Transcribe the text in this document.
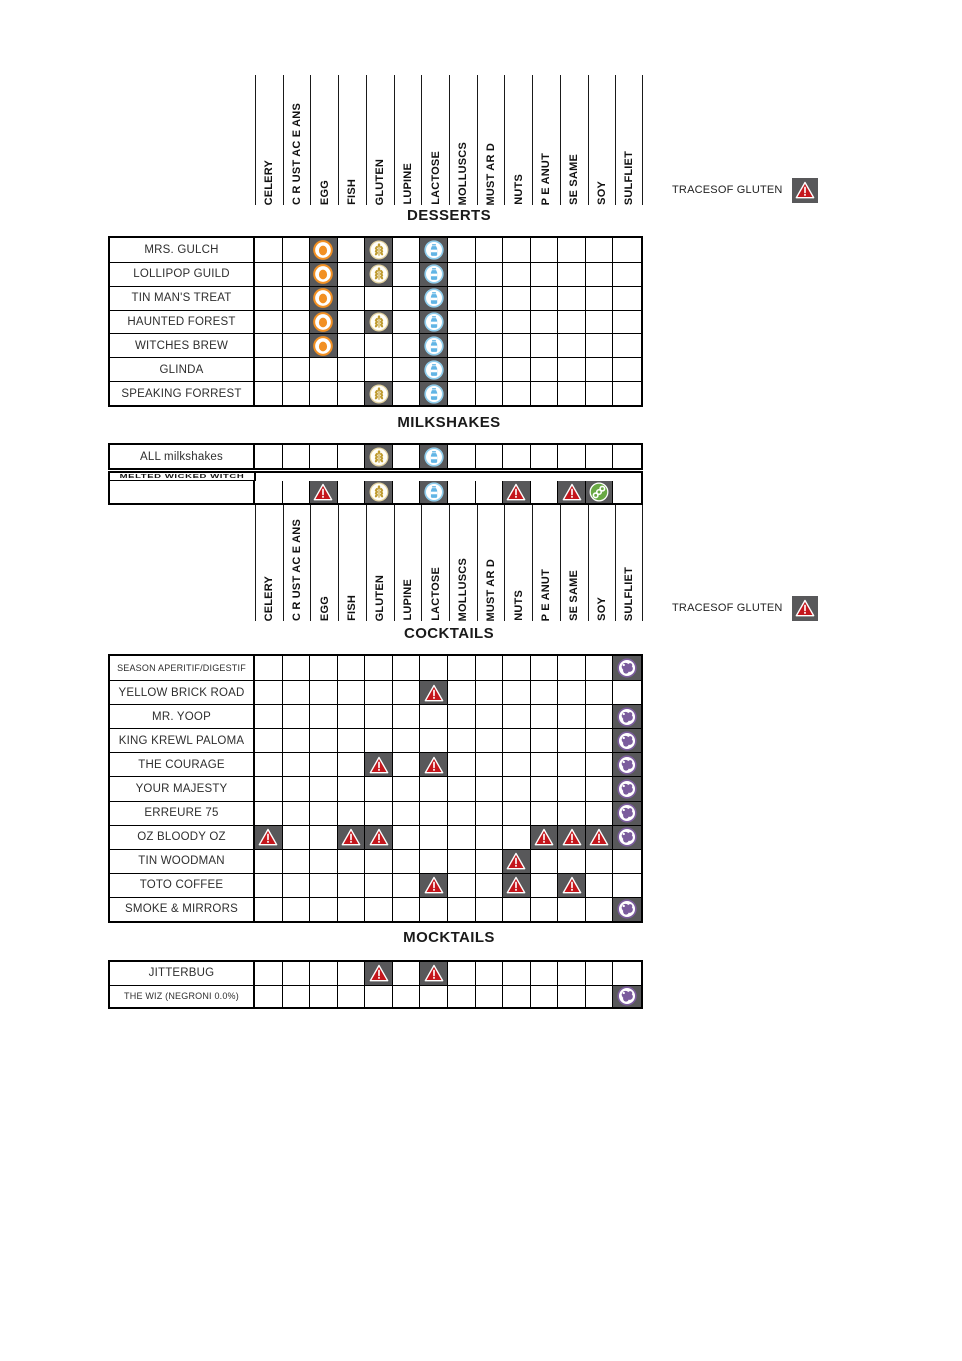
CELERY C R UST AC E ANS EGG FISH GLUTEN LUPINE LACTOSE MOLLUSCS MUST AR D NUTS P E ANUT SE SAME SOY SULFLIET	TRACESOF GLUTEN
DESSERTS
MRS. GULCH
LOLLIPOP GUILD
TIN MAN'S TREAT
HAUNTED FOREST
WITCHES BREW
GLINDA
SPEAKING FORREST
MILKSHAKES
ALL milkshakes
MELTED WICKED WITCH
CELERY C R UST AC E ANS EGG FISH GLUTEN LUPINE LACTOSE MOLLUSCS MUST AR D NUTS P E ANUT SE SAME SOY SULFLIET	TRACESOF GLUTEN
COCKTAILS
SEASON APERITIF/DIGESTIF
YELLOW BRICK ROAD
MR. YOOP
KING KREWL PALOMA
THE COURAGE
YOUR MAJESTY
ERREURE 75
OZ BLOODY OZ
TIN WOODMAN
TOTO COFFEE
SMOKE & MIRRORS
MOCKTAILS
JITTERBUG
THE WIZ (NEGRONI 0.0%)
